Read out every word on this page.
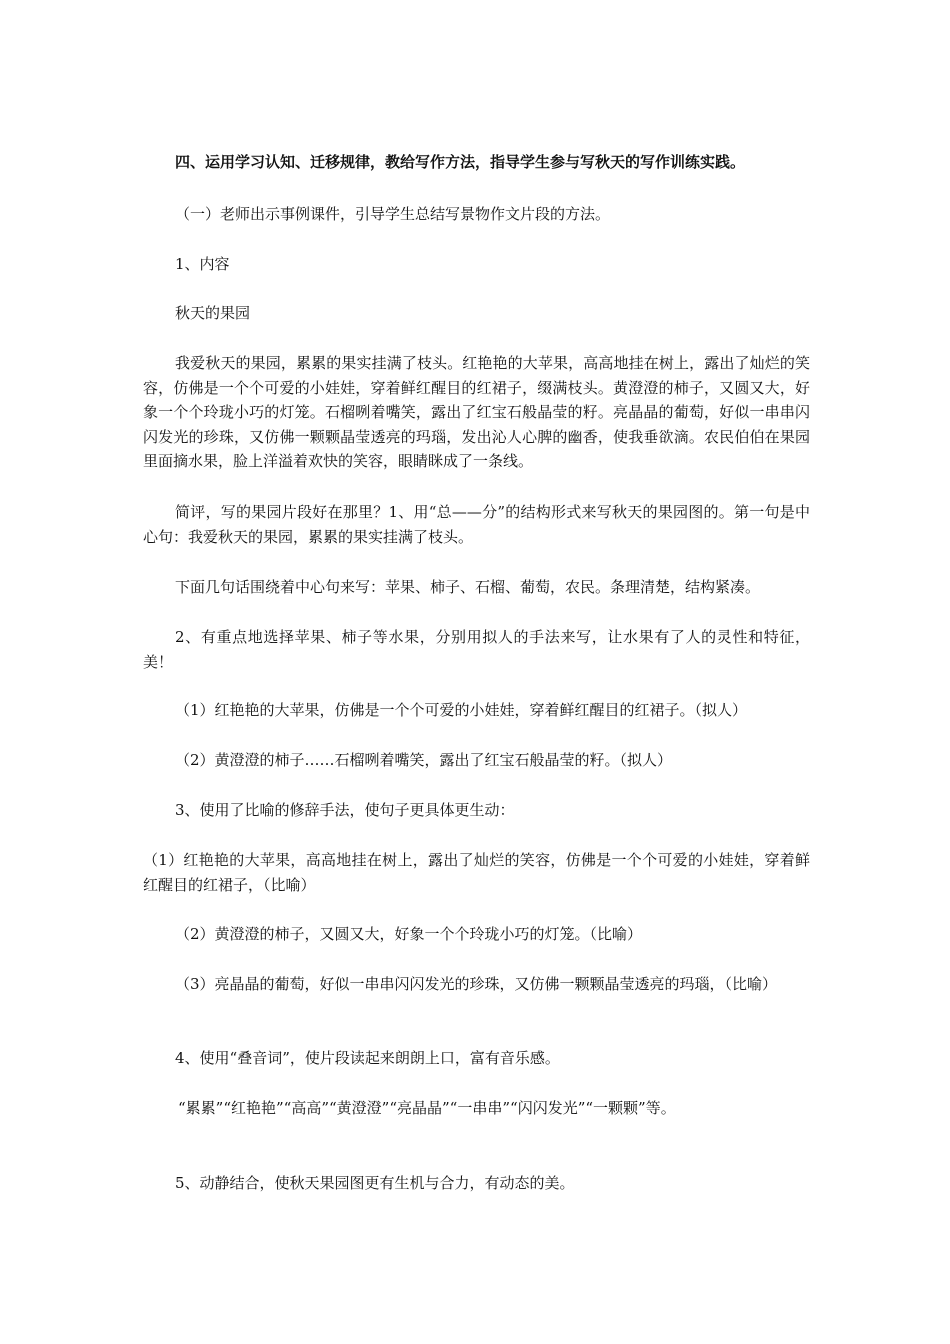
四、运用学习认知、迁移规律，教给写作方法，指导学生参与写秋天的写作训练实践。

（一）老师出示事例课件，引导学生总结写景物作文片段的方法。

1、内容

秋天的果园

我爱秋天的果园，累累的果实挂满了枝头。红艳艳的大苹果，高高地挂在树上，露出了灿烂的笑容，仿佛是一个个可爱的小娃娃，穿着鲜红醒目的红裙子，缀满枝头。黄澄澄的柿子，又圆又大，好象一个个玲珑小巧的灯笼。石榴咧着嘴笑，露出了红宝石般晶莹的籽。亮晶晶的葡萄，好似一串串闪闪发光的珍珠，又仿佛一颗颗晶莹透亮的玛瑙，发出沁人心脾的幽香，使我垂欲滴。农民伯伯在果园里面摘水果，脸上洋溢着欢快的笑容，眼睛眯成了一条线。

简评，写的果园片段好在那里？1、用“总——分”的结构形式来写秋天的果园图的。第一句是中心句：我爱秋天的果园，累累的果实挂满了枝头。

下面几句话围绕着中心句来写：苹果、柿子、石榴、葡萄，农民。条理清楚，结构紧凑。

2、有重点地选择苹果、柿子等水果，分别用拟人的手法来写，让水果有了人的灵性和特征，美！

（1）红艳艳的大苹果，仿佛是一个个可爱的小娃娃，穿着鲜红醒目的红裙子。（拟人）

（2）黄澄澄的柿子……石榴咧着嘴笑，露出了红宝石般晶莹的籽。（拟人）

3、使用了比喻的修辞手法，使句子更具体更生动：

（1）红艳艳的大苹果，高高地挂在树上，露出了灿烂的笑容，仿佛是一个个可爱的小娃娃，穿着鲜红醒目的红裙子，（比喻）

（2）黄澄澄的柿子，又圆又大，好象一个个玲珑小巧的灯笼。（比喻）

（3）亮晶晶的葡萄，好似一串串闪闪发光的珍珠，又仿佛一颗颗晶莹透亮的玛瑙，（比喻）

4、使用“叠音词”，使片段读起来朗朗上口，富有音乐感。

“累累”“红艳艳”“高高”“黄澄澄”“亮晶晶”“一串串”“闪闪发光”“一颗颗”等。

5、动静结合，使秋天果园图更有生机与合力，有动态的美。
